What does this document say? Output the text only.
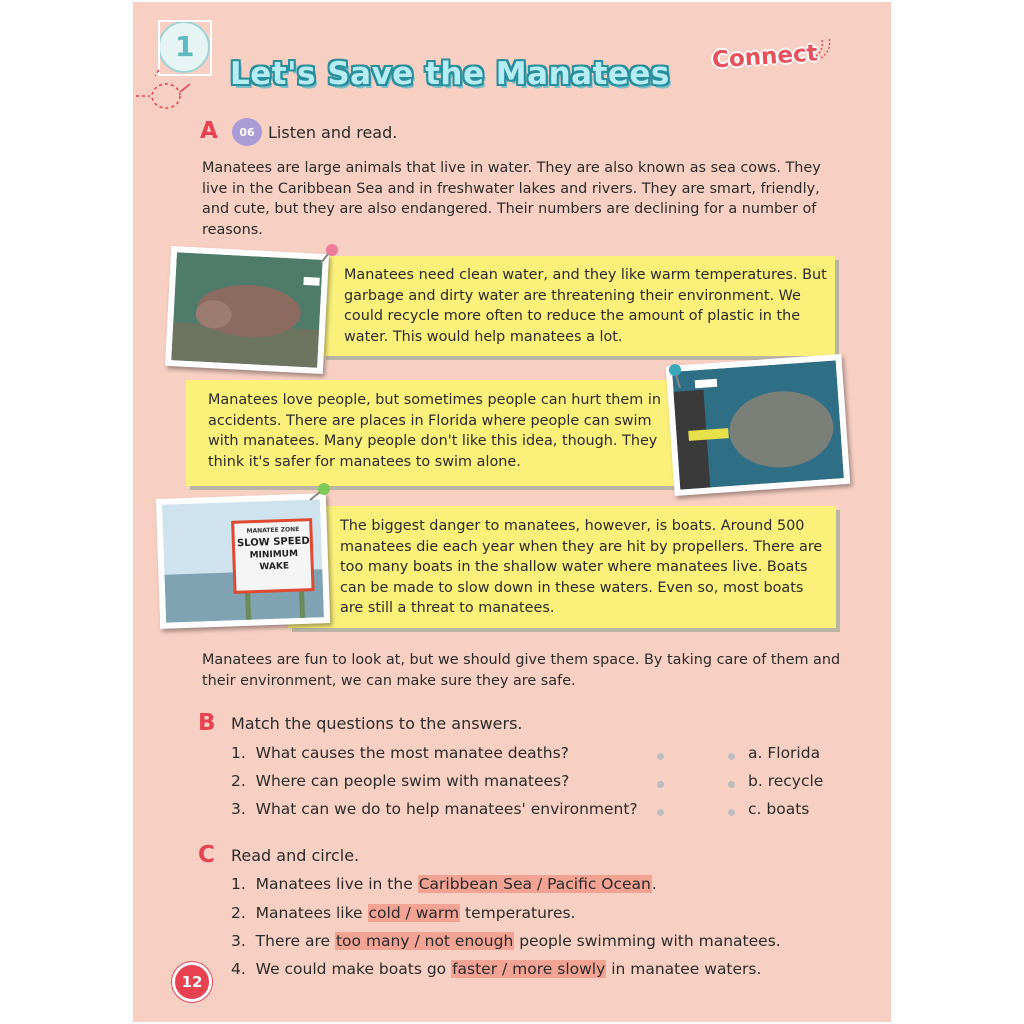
1
Let's Save the Manatees Connect
A 06 Listen and read.
Manatees are large animals that live in water. They are also known as sea cows. They live in the Caribbean Sea and in freshwater lakes and rivers. They are smart, friendly, and cute, but they are also endangered. Their numbers are declining for a number of reasons.
Manatees need clean water, and they like warm temperatures. But garbage and dirty water are threatening their environment. We could recycle more often to reduce the amount of plastic in the water. This would help manatees a lot.
Manatees love people, but sometimes people can hurt them in accidents. There are places in Florida where people can swim with manatees. Many people don't like this idea, though. They think it's safer for manatees to swim alone.
The biggest danger to manatees, however, is boats. Around 500 manatees die each year when they are hit by propellers. There are too many boats in the shallow water where manatees live. Boats can be made to slow down in these waters. Even so, most boats are still a threat to manatees.
MANATEE ZONE
SLOW SPEED
MINIMUM WAKE
Manatees are fun to look at, but we should give them space. By taking care of them and their environment, we can make sure they are safe.
B Match the questions to the answers.
1. What causes the most manatee deaths?
2. Where can people swim with manatees?
3. What can we do to help manatees' environment?
a. Florida
b. recycle
c. boats
C Read and circle.
1. Manatees live in the Caribbean Sea / Pacific Ocean.
2. Manatees like cold / warm temperatures.
3. There are too many / not enough people swimming with manatees.
4. We could make boats go faster / more slowly in manatee waters.
12
